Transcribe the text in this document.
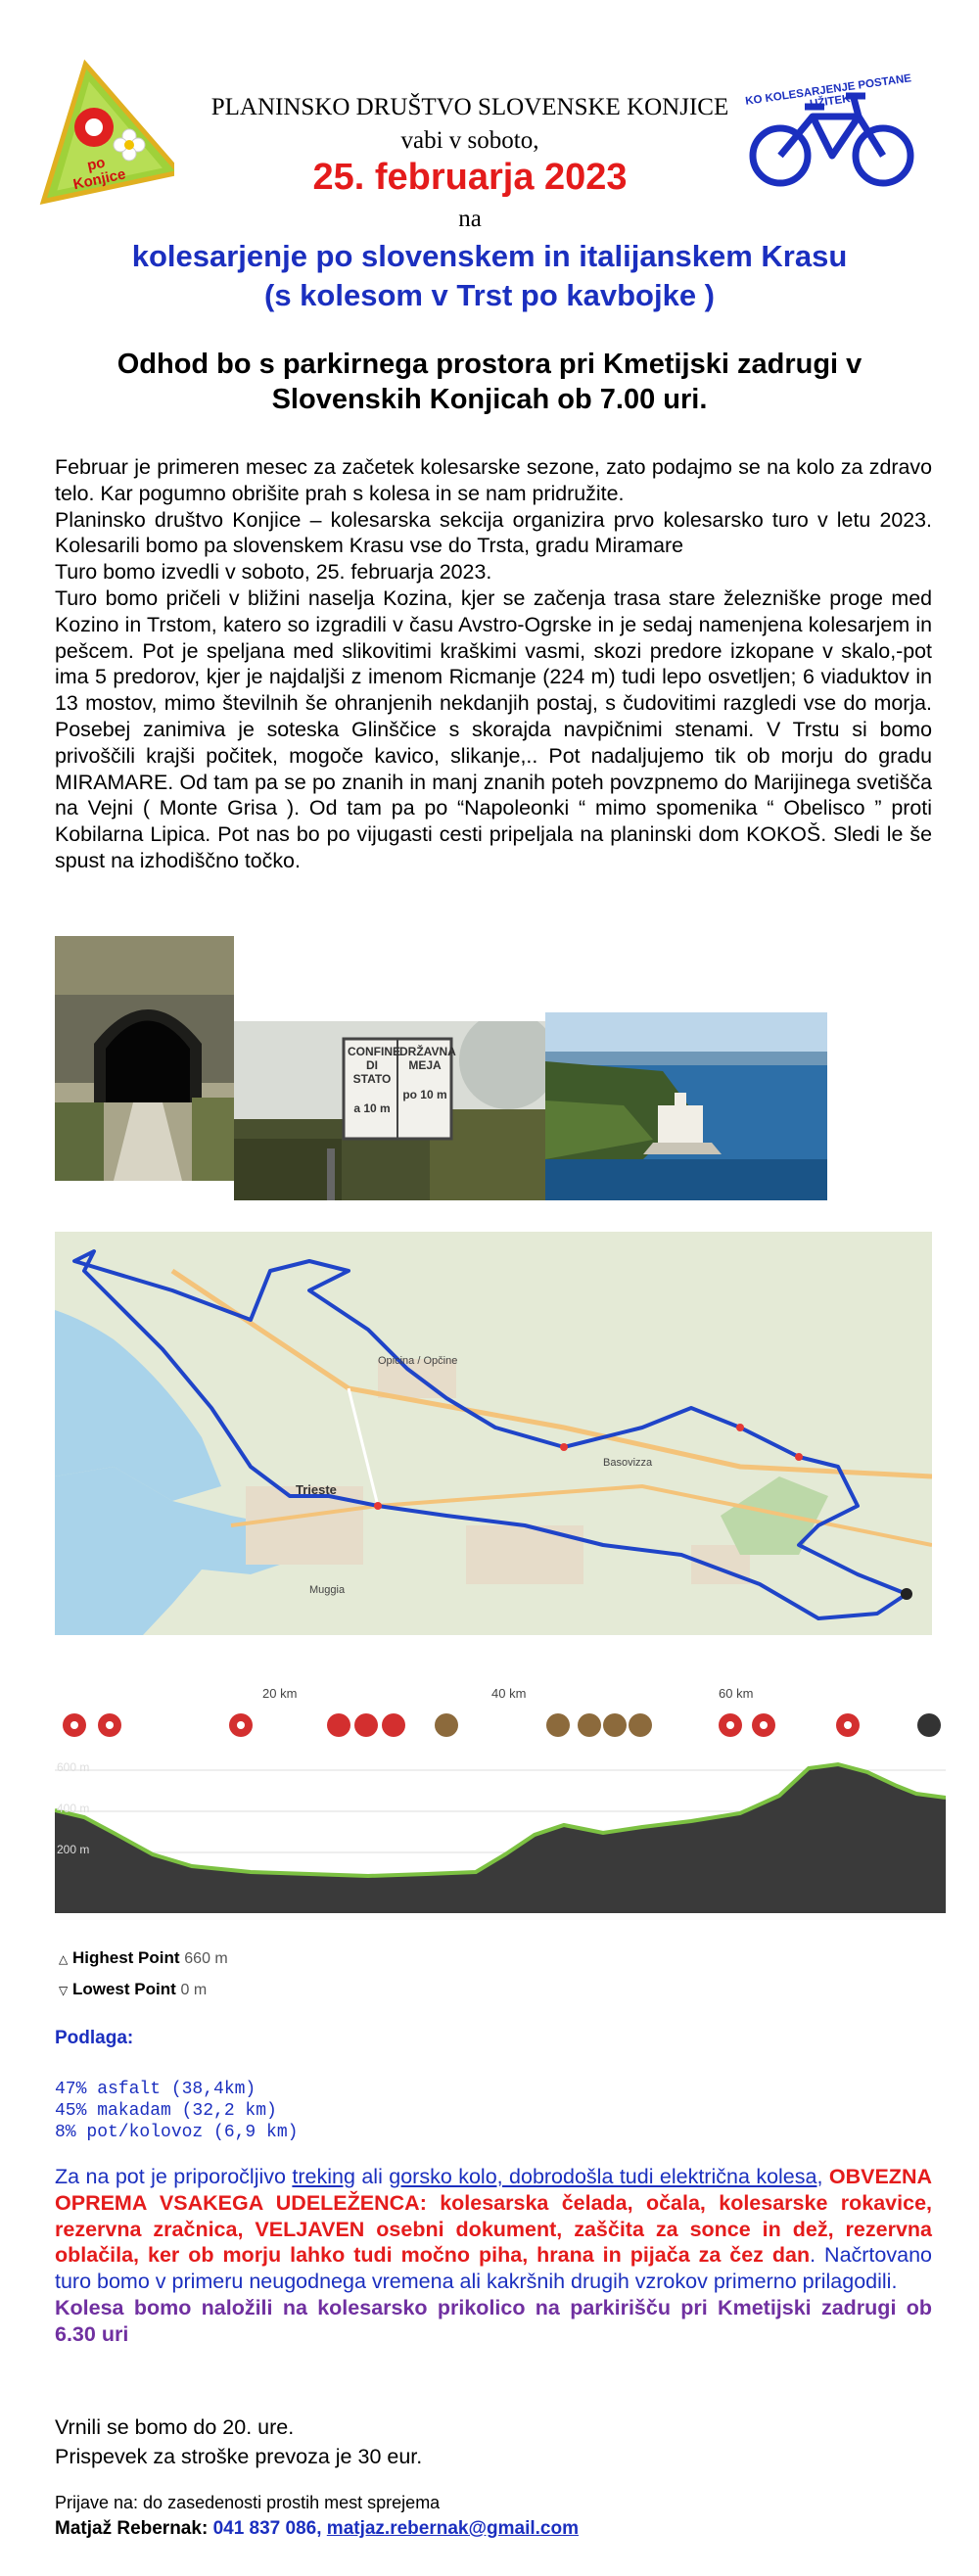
po Konjice
KO KOLESARJENJE POSTANE UŽITEK
PLANINSKO DRUŠTVO SLOVENSKE KONJICE
vabi v soboto,
25. februarja 2023
na
kolesarjenje po slovenskem in italijanskem Krasu
(s kolesom v Trst po kavbojke )
Odhod bo s parkirnega prostora pri Kmetijski zadrugi v
Slovenskih Konjicah ob 7.00 uri.

Februar je primeren mesec za začetek kolesarske sezone, zato podajmo se na kolo za zdravo telo. Kar pogumno obrišite prah s kolesa in se nam pridružite.

Planinsko društvo Konjice – kolesarska sekcija organizira prvo kolesarsko turo v letu 2023. Kolesarili bomo pa slovenskem Krasu vse do Trsta, gradu Miramare

Turo bomo izvedli v soboto, 25. februarja 2023.

Turo bomo pričeli v bližini naselja Kozina, kjer se začenja trasa stare železniške proge med Kozino in Trstom, katero so izgradili v času Avstro-Ogrske in je sedaj namenjena kolesarjem in pešcem. Pot je speljana med slikovitimi kraškimi vasmi, skozi predore izkopane v skalo,-pot ima 5 predorov, kjer je najdaljši z imenom Ricmanje (224 m) tudi lepo osvetljen; 6 viaduktov in 13 mostov, mimo številnih še ohranjenih nekdanjih postaj, s čudovitimi razgledi vse do morja. Posebej zanimiva je soteska Glinščice s skorajda navpičnimi stenami. V Trstu si bomo privoščili krajši počitek, mogoče kavico, slikanje,.. Pot nadaljujemo tik ob morju do gradu MIRAMARE. Od tam pa se po znanih in manj znanih poteh povzpnemo do Marijinega svetišča na Vejni ( Monte Grisa ). Od tam pa po “Napoleonki “ mimo spomenika “ Obelisco ” proti Kobilarna Lipica. Pot nas bo po vijugasti cesti pripeljala na planinski dom KOKOŠ. Sledi le še spust na izhodiščno točko.

CONFINE
DI STATO
a 10 m
DRŽAVNA
MEJA
po 10 m
Opicina / Opčine
Trieste
Basovizza
Muggia
20 km	40 km	60 km
600 m
400 m
200 m
△ Highest Point 660 m
▽ Lowest Point 0 m
Podlaga:
47% asfalt (38,4km)
45% makadam (32,2 km)
8% pot/kolovoz (6,9 km)
Za na pot je priporočljivo treking ali gorsko kolo, dobrodošla tudi električna kolesa, OBVEZNA OPREMA VSAKEGA UDELEŽENCA: kolesarska čelada, očala, kolesarske rokavice, rezervna zračnica, VELJAVEN osebni dokument, zaščita za sonce in dež, rezervna oblačila, ker ob morju lahko tudi močno piha, hrana in pijača za čez dan. Načrtovano turo bomo v primeru neugodnega vremena ali kakršnih drugih vzrokov primerno prilagodili.
Kolesa bomo naložili na kolesarsko prikolico na parkirišču pri Kmetijski zadrugi ob 6.30 uri
Vrnili se bomo do 20. ure.
Prispevek za stroške prevoza je 30 eur.
Prijave na: do zasedenosti prostih mest sprejema
Matjaž Rebernak: 041 837 086, matjaz.rebernak@gmail.com
